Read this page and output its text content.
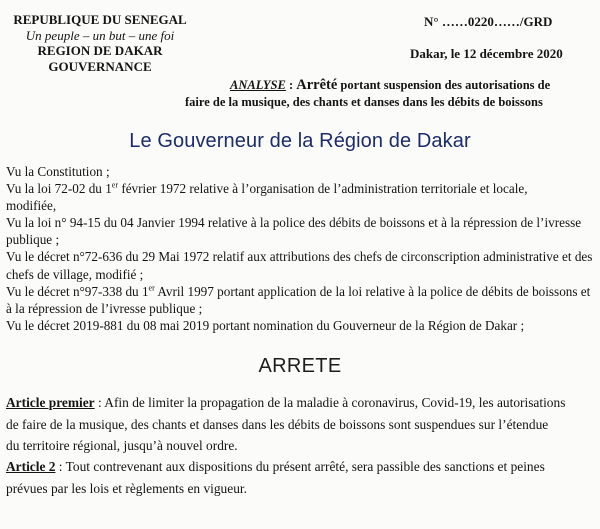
REPUBLIQUE DU SENEGAL
Un peuple – un but – une foi
REGION DE DAKAR
GOUVERNANCE
N° ……0220……/GRD
Dakar, le 12 décembre 2020
ANALYSE : Arrêté portant suspension des autorisations de
faire de la musique, des chants et danses dans les débits de boissons
Le Gouverneur de la Région de Dakar
Vu la Constitution ;
Vu la loi 72-02 du 1er février 1972 relative à l’organisation de l’administration territoriale et locale,
modifiée,
Vu la loi n° 94-15 du 04 Janvier 1994 relative à la police des débits de boissons et à la répression de l’ivresse
publique ;
Vu le décret n°72-636 du 29 Mai 1972 relatif aux attributions des chefs de circonscription administrative et des
chefs de village, modifié ;
Vu le décret n°97-338 du 1er Avril 1997 portant application de la loi relative à la police de débits de boissons et
à la répression de l’ivresse publique ;
Vu le décret 2019-881 du 08 mai 2019 portant nomination du Gouverneur de la Région de Dakar ;
ARRETE
Article premier : Afin de limiter la propagation de la maladie à coronavirus, Covid-19, les autorisations
de faire de la musique, des chants et danses dans les débits de boissons sont suspendues sur l’étendue
du territoire régional, jusqu’à nouvel ordre.
Article 2 : Tout contrevenant aux dispositions du présent arrêté, sera passible des sanctions et peines
prévues par les lois et règlements en vigueur.
